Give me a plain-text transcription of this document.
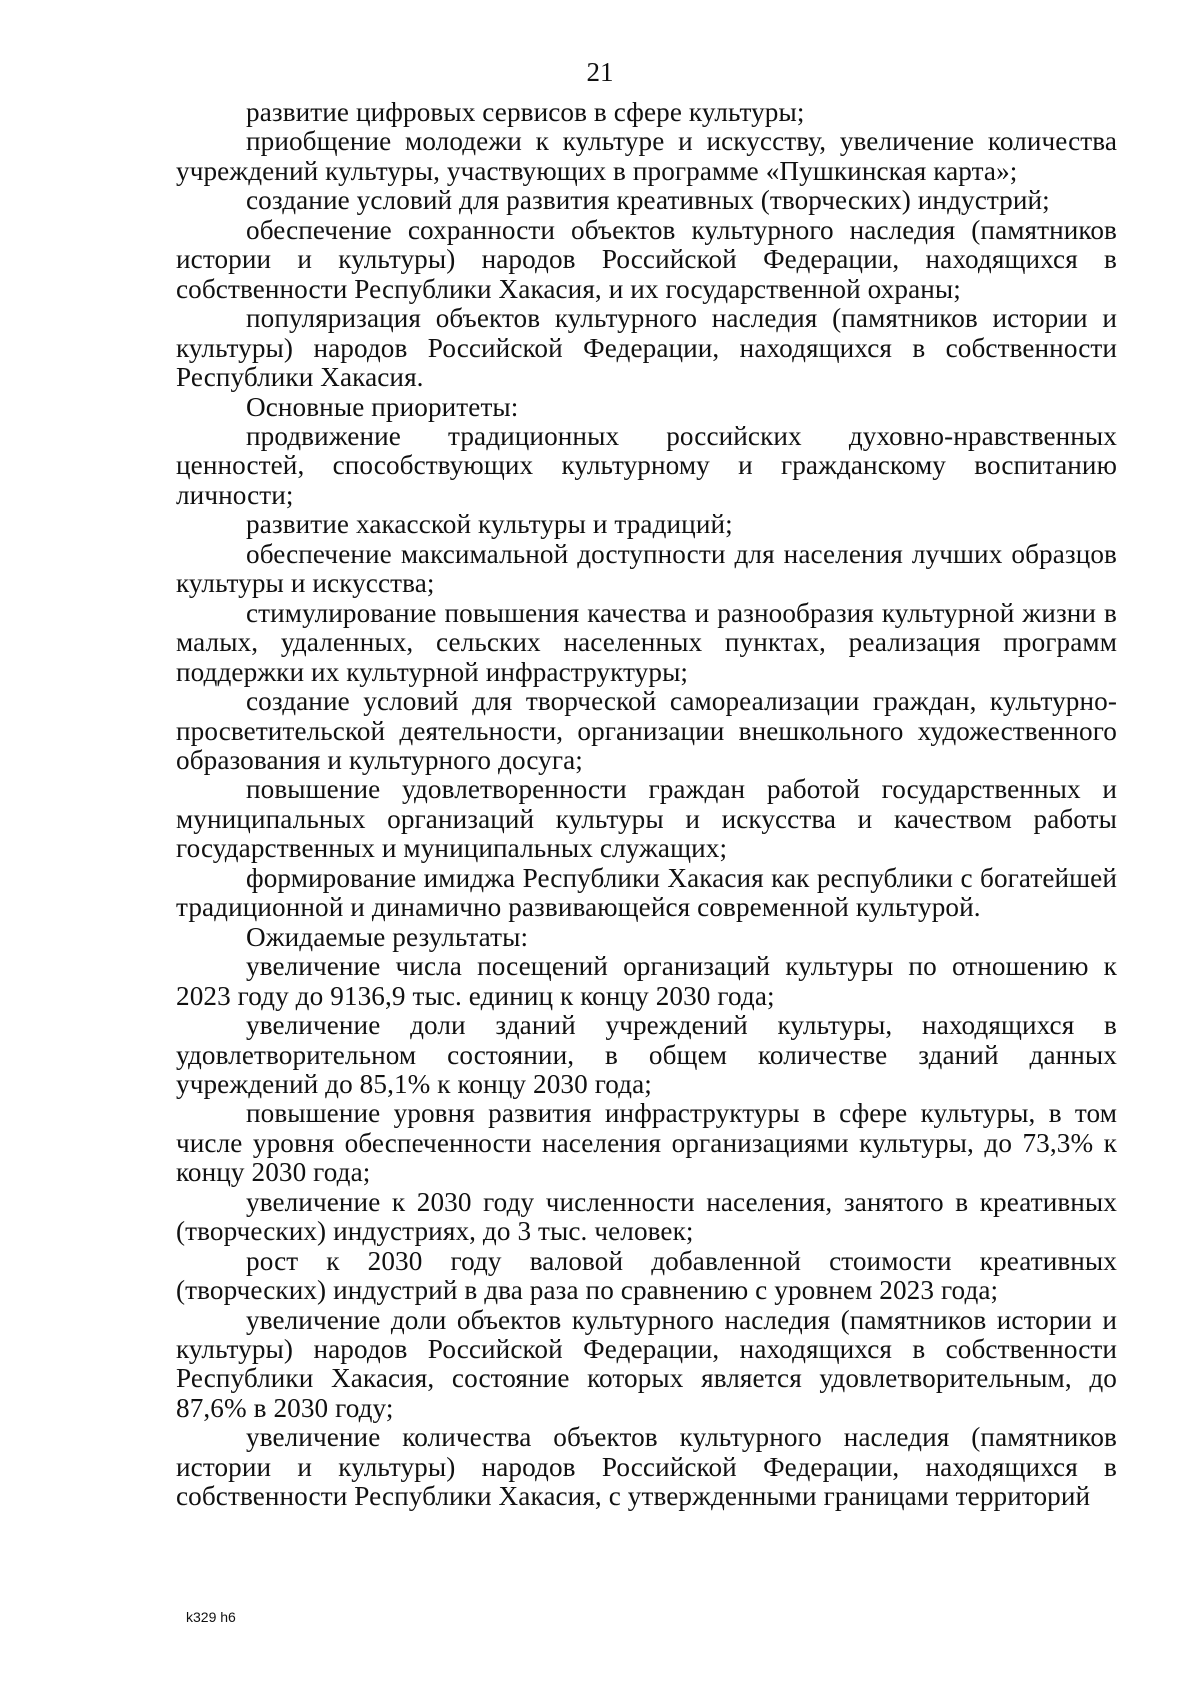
21

развитие цифровых сервисов в сфере культуры;

приобщение молодежи к культуре и искусству, увеличение количества учреждений культуры, участвующих в программе «Пушкинская карта»;

создание условий для развития креативных (творческих) индустрий;

обеспечение сохранности объектов культурного наследия (памятников истории и культуры) народов Российской Федерации, находящихся в собственности Республики Хакасия, и их государственной охраны;

популяризация объектов культурного наследия (памятников истории и культуры) народов Российской Федерации, находящихся в собственности Республики Хакасия.

Основные приоритеты:

продвижение традиционных российских духовно-нравственных ценностей, способствующих культурному и гражданскому воспитанию личности;

развитие хакасской культуры и традиций;

обеспечение максимальной доступности для населения лучших образцов культуры и искусства;

стимулирование повышения качества и разнообразия культурной жизни в малых, удаленных, сельских населенных пунктах, реализация программ поддержки их культурной инфраструктуры;

создание условий для творческой самореализации граждан, культурно-просветительской деятельности, организации внешкольного художественного образования и культурного досуга;

повышение удовлетворенности граждан работой государственных и муниципальных организаций культуры и искусства и качеством работы государственных и муниципальных служащих;

формирование имиджа Республики Хакасия как республики с богатейшей традиционной и динамично развивающейся современной культурой.

Ожидаемые результаты:

увеличение числа посещений организаций культуры по отношению к 2023 году до 9136,9 тыс. единиц к концу 2030 года;

увеличение доли зданий учреждений культуры, находящихся в удовлетворительном состоянии, в общем количестве зданий данных учреждений до 85,1% к концу 2030 года;

повышение уровня развития инфраструктуры в сфере культуры, в том числе уровня обеспеченности населения организациями культуры, до 73,3% к концу 2030 года;

увеличение к 2030 году численности населения, занятого в креативных (творческих) индустриях, до 3 тыс. человек;

рост к 2030 году валовой добавленной стоимости креативных (творческих) индустрий в два раза по сравнению с уровнем 2023 года;

увеличение доли объектов культурного наследия (памятников истории и культуры) народов Российской Федерации, находящихся в собственности Республики Хакасия, состояние которых является удовлетворительным, до 87,6% в 2030 году;

увеличение количества объектов культурного наследия (памятников истории и культуры) народов Российской Федерации, находящихся в собственности Республики Хакасия, с утвержденными границами территорий

k329 h6
